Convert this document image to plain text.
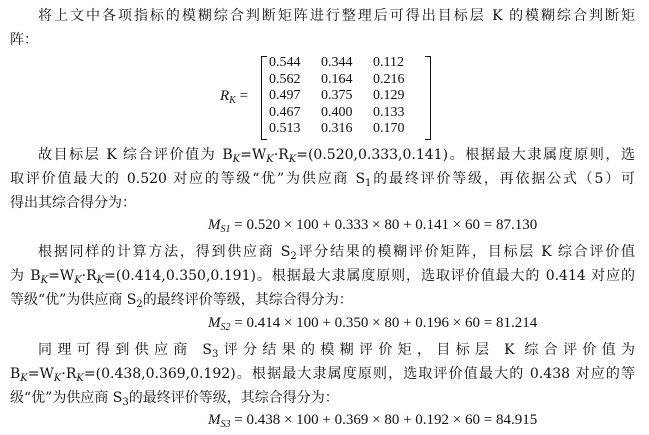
将上文中各项指标的模糊综合判断矩阵进行整理后可得出目标层 K 的模糊综合判断矩
阵：
$R_K$ =
0.544	0.344	0.112
0.562	0.164	0.216
0.497	0.375	0.129
0.467	0.400	0.133
0.513	0.316	0.170
故目标层 K 综合评价值为 $B_K=W_K\cdot R_K=(0.520,0.333,0.141)$。根据最大隶属度原则，选
取评价值最大的 0.520 对应的等级“优”为供应商 $S_1$的最终评价等级，再依据公式（5）可
得出其综合得分为：
$M_{S1} = 0.520 \times 100 + 0.333 \times 80 + 0.141 \times 60 = 87.130$
根据同样的计算方法，得到供应商 $S_2$评分结果的模糊评价矩阵，目标层 K 综合评价值
为 $B_K=W_K\cdot R_K=(0.414,0.350,0.191)$。根据最大隶属度原则，选取评价值最大的 0.414 对应的
等级“优”为供应商 $S_2$的最终评价等级，其综合得分为：
$M_{S2} = 0.414 \times 100 + 0.350 \times 80 + 0.196 \times 60 = 81.214$
同理可得到供应商 $S_3$评分结果的模糊评价矩，目标层 K 综合评价值为
$B_K=W_K\cdot R_K=(0.438,0.369,0.192)$。根据最大隶属度原则，选取评价值最大的 0.438 对应的等
级“优”为供应商 $S_3$的最终评价等级，其综合得分为：
$M_{S3} = 0.438 \times 100 + 0.369 \times 80 + 0.192 \times 60 = 84.915$
